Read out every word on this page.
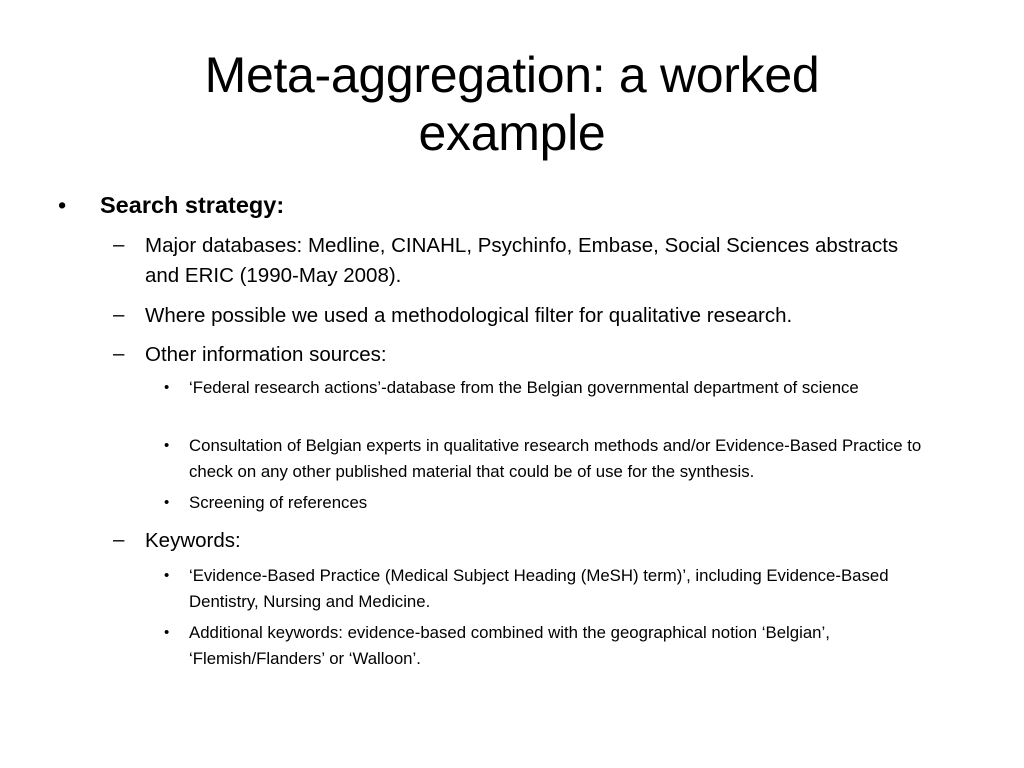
Meta-aggregation: a worked
example
• Search strategy:
– Major databases: Medline, CINAHL, Psychinfo, Embase, Social Sciences abstracts and ERIC (1990-May 2008).
– Where possible we used a methodological filter for qualitative research.
– Other information sources:
• ‘Federal research actions’-database from the Belgian governmental department of science
• Consultation of Belgian experts in qualitative research methods and/or Evidence-Based Practice to check on any other published material that could be of use for the synthesis.
• Screening of references
– Keywords:
• ‘Evidence-Based Practice (Medical Subject Heading (MeSH) term)’, including Evidence-Based Dentistry, Nursing and Medicine.
• Additional keywords: evidence-based combined with the geographical notion ‘Belgian’, ‘Flemish/Flanders’ or ‘Walloon’.
